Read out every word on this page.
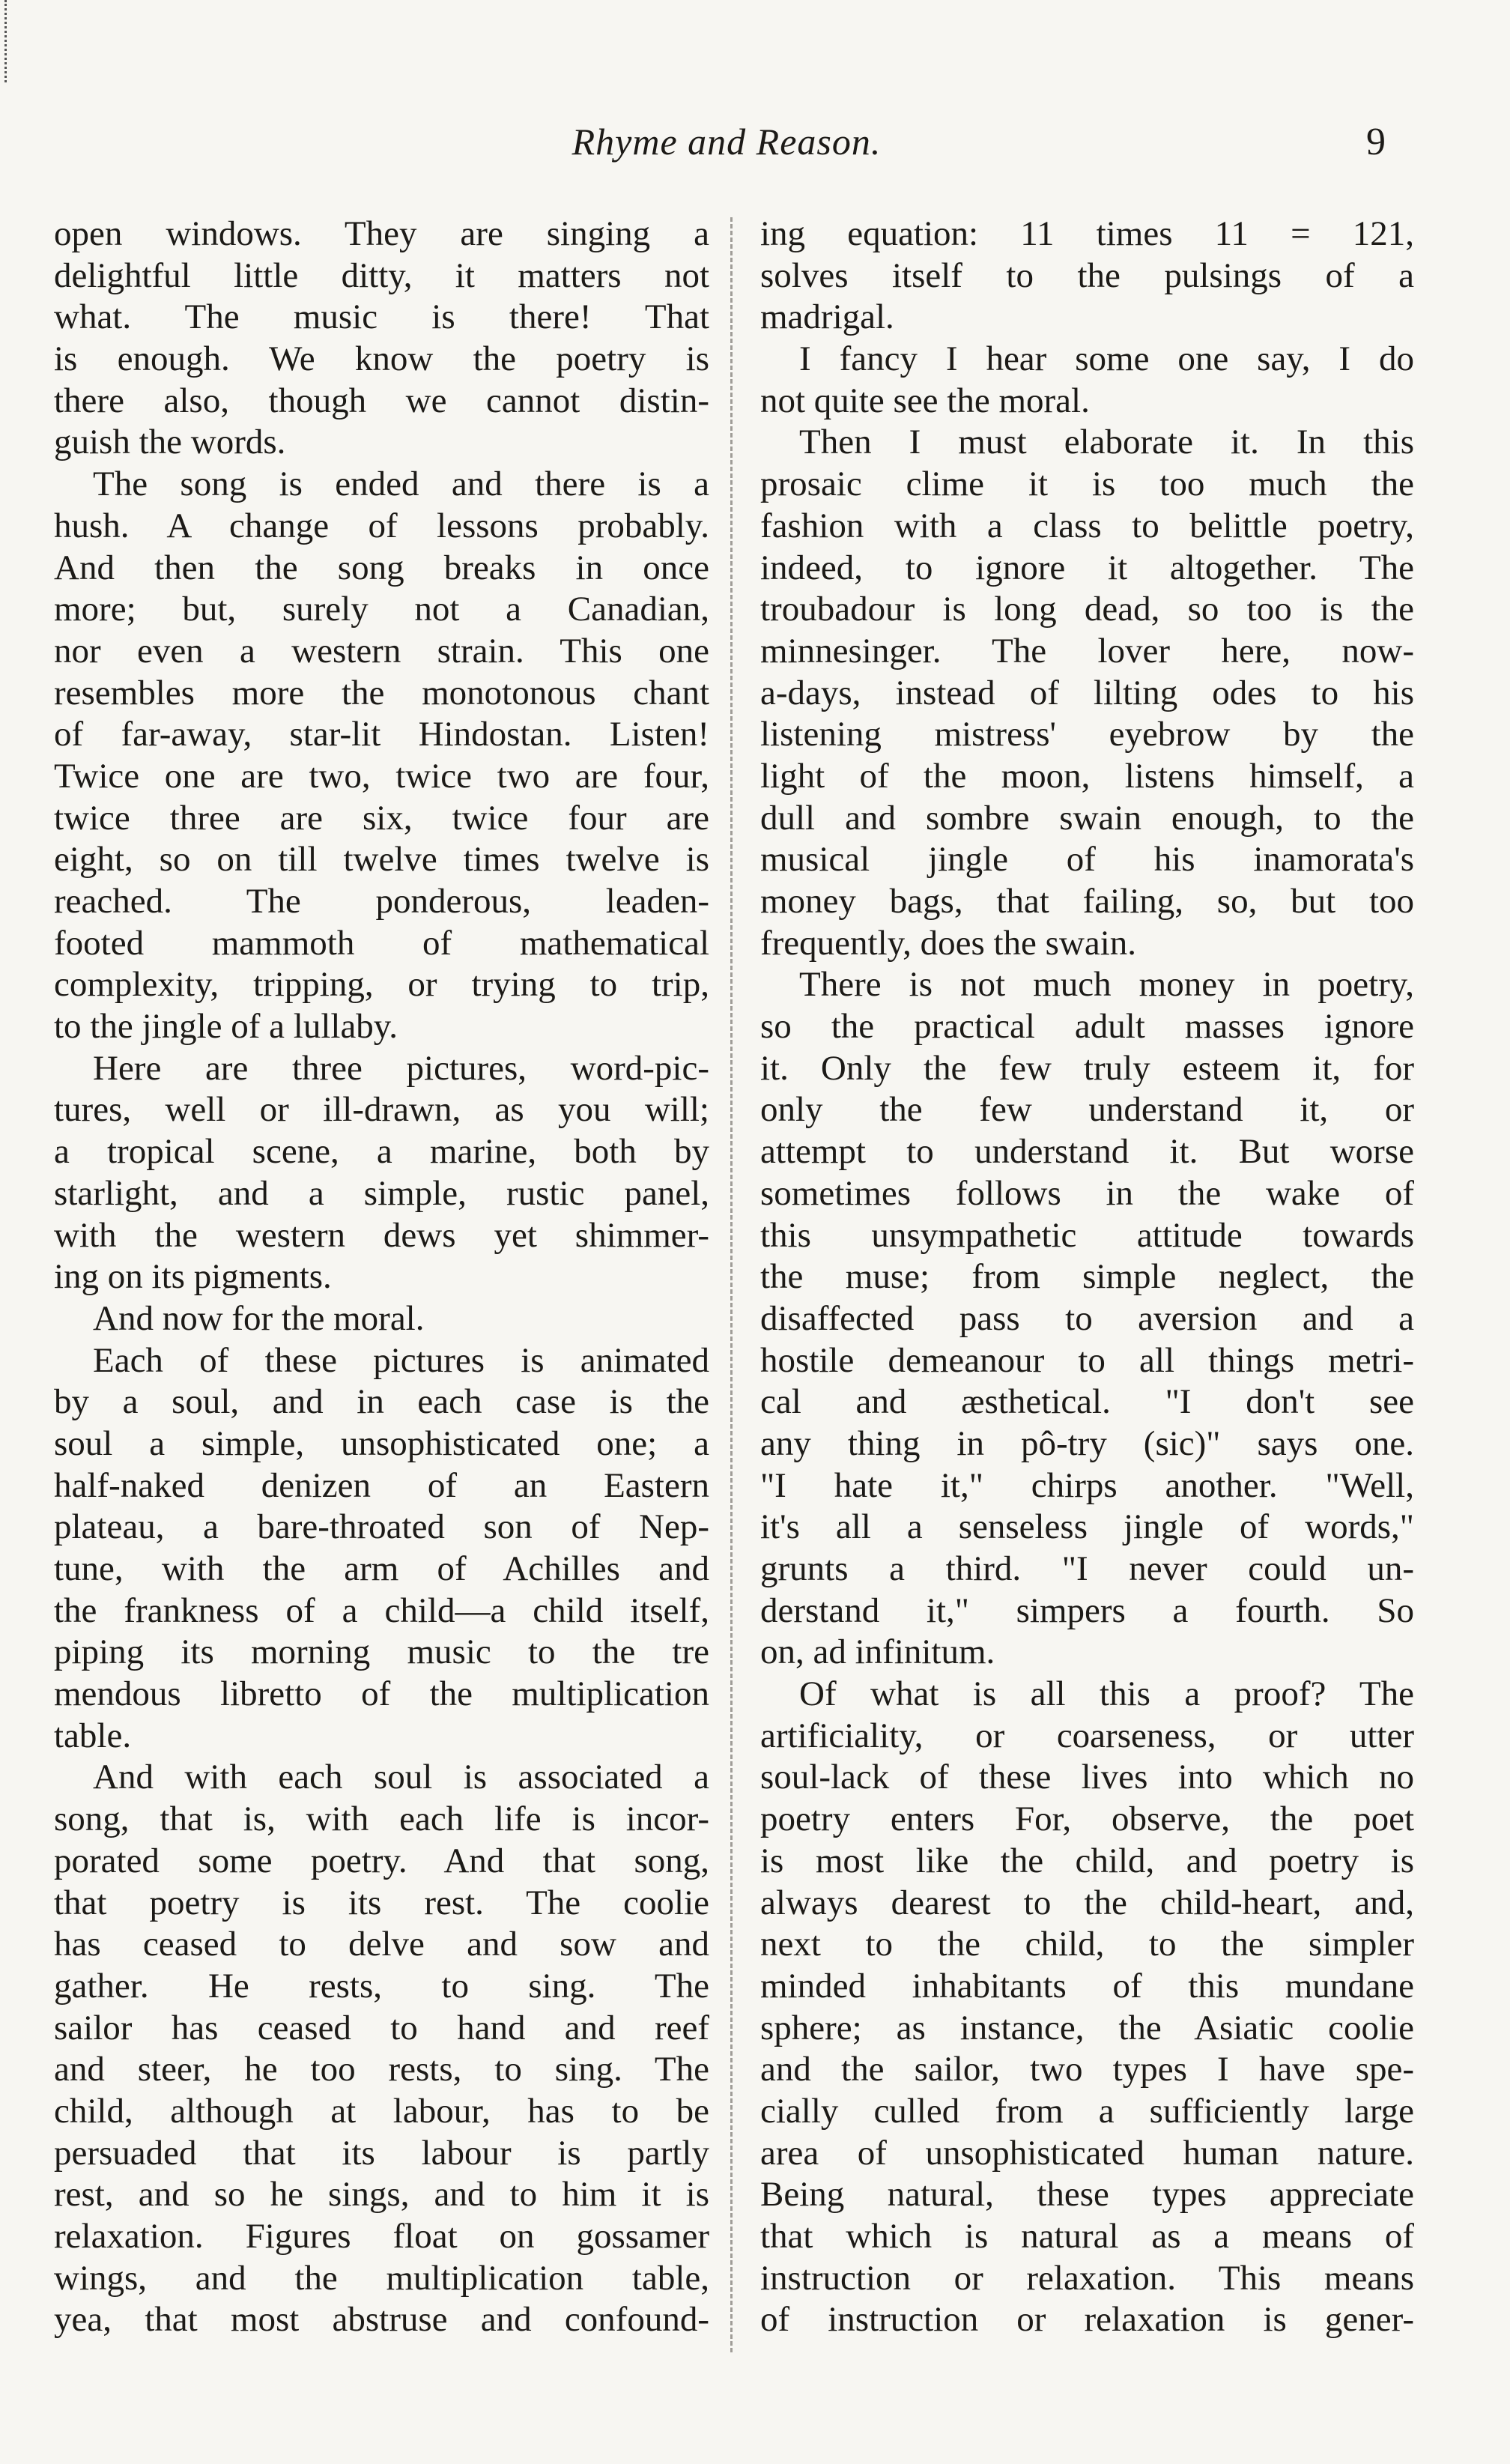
Rhyme and Reason.	9
open windows. They are singing a
delightful little ditty, it matters not
what. The music is there! That
is enough. We know the poetry is
there also, though we cannot distin-
guish the words.
The song is ended and there is a
hush. A change of lessons probably.
And then the song breaks in once
more; but, surely not a Canadian,
nor even a western strain. This one
resembles more the monotonous chant
of far-away, star-lit Hindostan. Listen!
Twice one are two, twice two are four,
twice three are six, twice four are
eight, so on till twelve times twelve is
reached. The ponderous, leaden-
footed mammoth of mathematical
complexity, tripping, or trying to trip,
to the jingle of a lullaby.
Here are three pictures, word-pic-
tures, well or ill-drawn, as you will;
a tropical scene, a marine, both by
starlight, and a simple, rustic panel,
with the western dews yet shimmer-
ing on its pigments.
And now for the moral.
Each of these pictures is animated
by a soul, and in each case is the
soul a simple, unsophisticated one; a
half-naked denizen of an Eastern
plateau, a bare-throated son of Nep-
tune, with the arm of Achilles and
the frankness of a child—a child itself,
piping its morning music to the tre
mendous libretto of the multiplication
table.
And with each soul is associated a
song, that is, with each life is incor-
porated some poetry. And that song,
that poetry is its rest. The coolie
has ceased to delve and sow and
gather. He rests, to sing. The
sailor has ceased to hand and reef
and steer, he too rests, to sing. The
child, although at labour, has to be
persuaded that its labour is partly
rest, and so he sings, and to him it is
relaxation. Figures float on gossamer
wings, and the multiplication table,
yea, that most abstruse and confound-
ing equation: 11 times 11 = 121,
solves itself to the pulsings of a
madrigal.
I fancy I hear some one say, I do
not quite see the moral.
Then I must elaborate it. In this
prosaic clime it is too much the
fashion with a class to belittle poetry,
indeed, to ignore it altogether. The
troubadour is long dead, so too is the
minnesinger. The lover here, now-
a-days, instead of lilting odes to his
listening mistress' eyebrow by the
light of the moon, listens himself, a
dull and sombre swain enough, to the
musical jingle of his inamorata's
money bags, that failing, so, but too
frequently, does the swain.
There is not much money in poetry,
so the practical adult masses ignore
it. Only the few truly esteem it, for
only the few understand it, or
attempt to understand it. But worse
sometimes follows in the wake of
this unsympathetic attitude towards
the muse; from simple neglect, the
disaffected pass to aversion and a
hostile demeanour to all things metri-
cal and æsthetical. "I don't see
any thing in pô-try (sic)" says one.
"I hate it," chirps another. "Well,
it's all a senseless jingle of words,"
grunts a third. "I never could un-
derstand it," simpers a fourth. So
on, ad infinitum.
Of what is all this a proof? The
artificiality, or coarseness, or utter
soul-lack of these lives into which no
poetry enters For, observe, the poet
is most like the child, and poetry is
always dearest to the child-heart, and,
next to the child, to the simpler
minded inhabitants of this mundane
sphere; as instance, the Asiatic coolie
and the sailor, two types I have spe-
cially culled from a sufficiently large
area of unsophisticated human nature.
Being natural, these types appreciate
that which is natural as a means of
instruction or relaxation. This means
of instruction or relaxation is gener-
